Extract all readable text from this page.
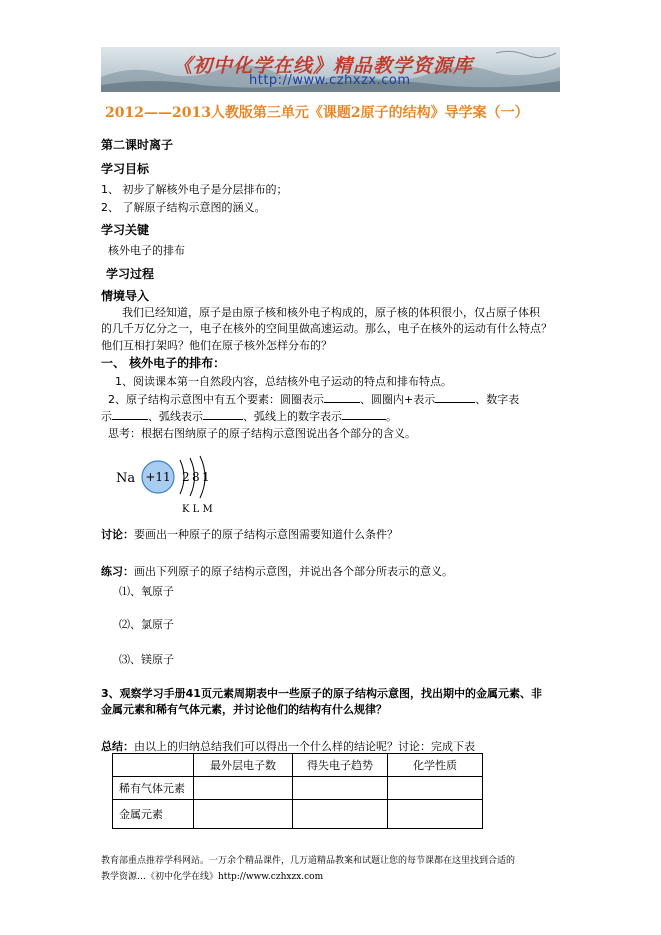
《初中化学在线》精品教学资源库
http://www.czhxzx.com
2012——2013人教版第三单元《课题2原子的结构》导学案（一）
第二课时离子
学习目标
1、 初步了解核外电子是分层排布的；
2、 了解原子结构示意图的涵义。
学习关键
核外电子的排布
学习过程
情境导入
我们已经知道，原子是由原子核和核外电子构成的，原子核的体积很小，仅占原子体积
的几千万亿分之一，电子在核外的空间里做高速运动。那么，电子在核外的运动有什么特点？
他们互相打架吗？他们在原子核外怎样分布的？
一、 核外电子的排布：
1、阅读课本第一自然段内容，总结核外电子运动的特点和排布特点。
2、原子结构示意图中有五个要素：圆圈表示	、圆圈内+表示	、数字表
示	、弧线表示	、弧线上的数字表示	。
思考：根据右图纳原子的原子结构示意图说出各个部分的含义。
Na +11 2 8 1
K L M
讨论：要画出一种原子的原子结构示意图需要知道什么条件？
练习：画出下列原子的原子结构示意图，并说出各个部分所表示的意义。
⑴、氧原子
⑵、氯原子
⑶、镁原子
3、观察学习手册41页元素周期表中一些原子的原子结构示意图，找出期中的金属元素、非
金属元素和稀有气体元素，并讨论他们的结构有什么规律？
总结：由以上的归纳总结我们可以得出一个什么样的结论呢？讨论：完成下表
	最外层电子数	得失电子趋势	化学性质
稀有气体元素			
金属元素			
教育部重点推荐学科网站。一万余个精品课件，几万道精品教案和试题让您的每节课都在这里找到合适的
教学资源…《初中化学在线》http://www.czhxzx.com
